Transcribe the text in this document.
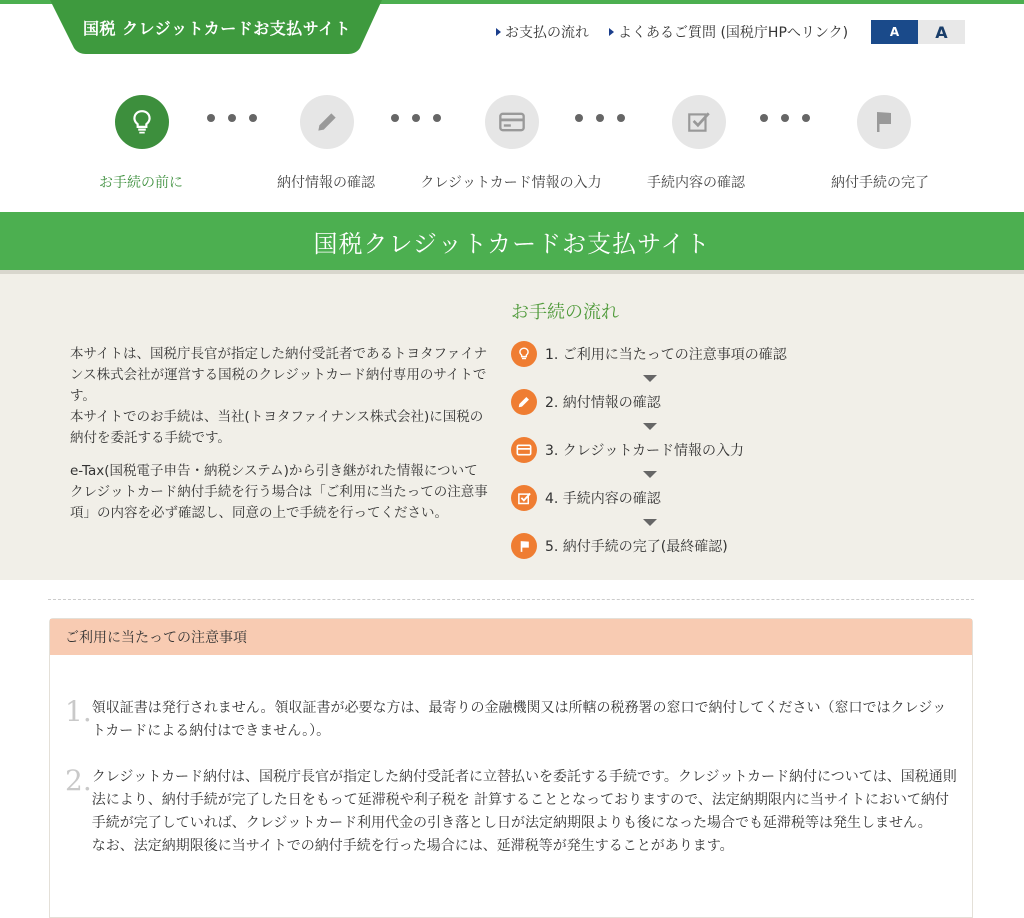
国税 クレジットカードお支払サイト	お支払の流れ よくあるご質問 (国税庁HPへリンク)	A	A
お手続の前に	納付情報の確認	クレジットカード情報の入力	手続内容の確認	納付手続の完了
国税クレジットカードお支払サイト

本サイトは、国税庁長官が指定した納付受託者であるトヨタファイナンス株式会社が運営する国税のクレジットカード納付専用のサイトです。
本サイトでのお手続は、当社(トヨタファイナンス株式会社)に国税の納付を委託する手続です。

e-Tax(国税電子申告・納税システム)から引き継がれた情報についてクレジットカード納付手続を行う場合は「ご利用に当たっての注意事項」の内容を必ず確認し、同意の上で手続を行ってください。

お手続の流れ
1. ご利用に当たっての注意事項の確認
2. 納付情報の確認
3. クレジットカード情報の入力
4. 手続内容の確認
5. 納付手続の完了(最終確認)
ご利用に当たっての注意事項
1. 領収証書は発行されません。領収証書が必要な方は、最寄りの金融機関又は所轄の税務署の窓口で納付してください（窓口ではクレジットカードによる納付はできません。）。
2. クレジットカード納付は、国税庁長官が指定した納付受託者に立替払いを委託する手続です。クレジットカード納付については、国税通則法により、納付手続が完了した日をもって延滞税や利子税を 計算することとなっておりますので、法定納期限内に当サイトにおいて納付手続が完了していれば、クレジットカード利用代金の引き落とし日が法定納期限よりも後になった場合でも延滞税等は発生しません。
なお、法定納期限後に当サイトでの納付手続を行った場合には、延滞税等が発生することがあります。
